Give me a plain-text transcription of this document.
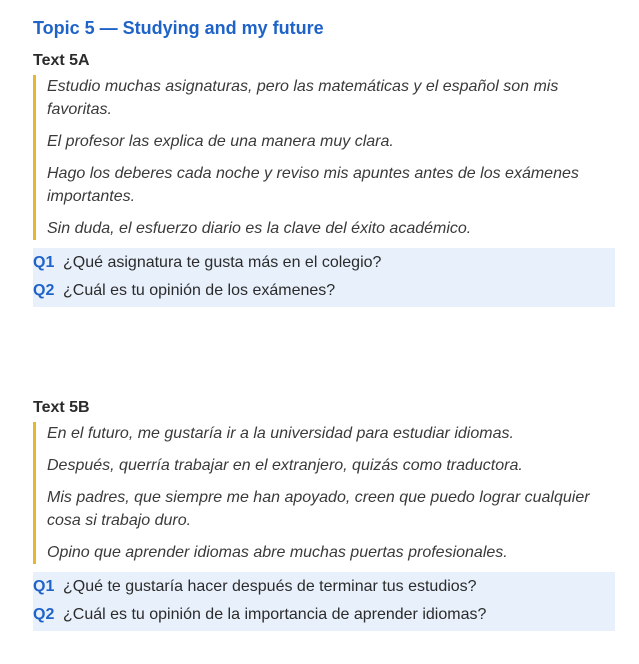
Topic 5 — Studying and my future
Text 5A

Estudio muchas asignaturas, pero las matemáticas y el español son mis favoritas.

El profesor las explica de una manera muy clara.

Hago los deberes cada noche y reviso mis apuntes antes de los exámenes importantes.

Sin duda, el esfuerzo diario es la clave del éxito académico.

Q1 ¿Qué asignatura te gusta más en el colegio?
Q2 ¿Cuál es tu opinión de los exámenes?
Text 5B

En el futuro, me gustaría ir a la universidad para estudiar idiomas.

Después, querría trabajar en el extranjero, quizás como traductora.

Mis padres, que siempre me han apoyado, creen que puedo lograr cualquier cosa si trabajo duro.

Opino que aprender idiomas abre muchas puertas profesionales.

Q1 ¿Qué te gustaría hacer después de terminar tus estudios?
Q2 ¿Cuál es tu opinión de la importancia de aprender idiomas?
